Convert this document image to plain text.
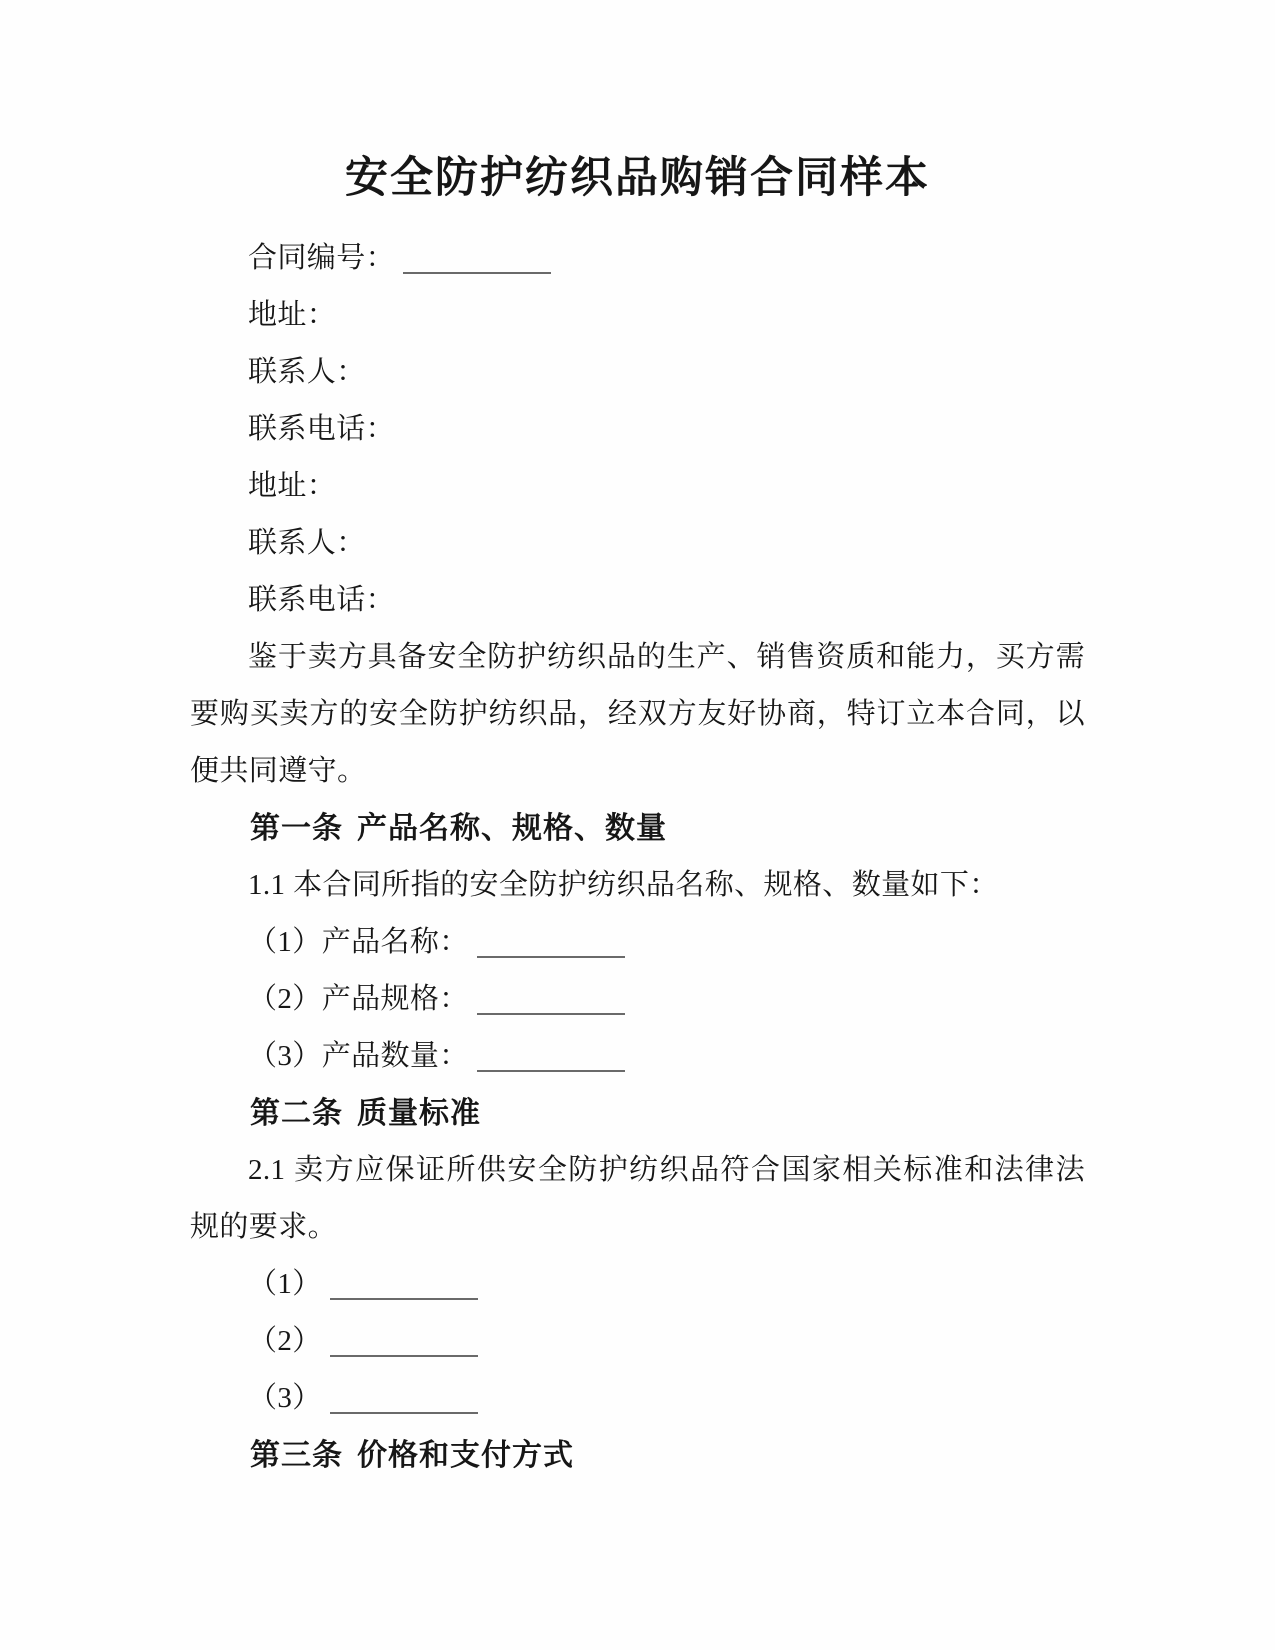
安全防护纺织品购销合同样本
合同编号：
地址：
联系人：
联系电话：
地址：
联系人：
联系电话：

鉴于卖方具备安全防护纺织品的生产、销售资质和能力，买方需要购买卖方的安全防护纺织品，经双方友好协商，特订立本合同，以便共同遵守。

第一条 产品名称、规格、数量
1.1 本合同所指的安全防护纺织品名称、规格、数量如下：
（1）产品名称：
（2）产品规格：
（3）产品数量：
第二条 质量标准

2.1 卖方应保证所供安全防护纺织品符合国家相关标准和法律法规的要求。

（1）
（2）
（3）
第三条 价格和支付方式
